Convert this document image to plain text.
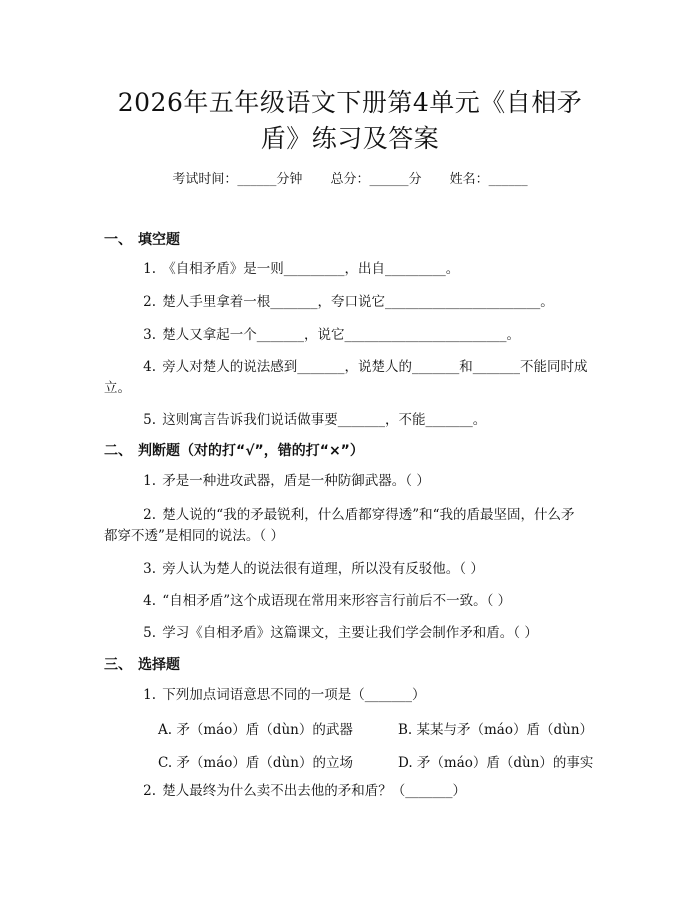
2026年五年级语文下册第4单元《自相矛
盾》练习及答案
考试时间：______分钟 总分：______分 姓名：______
一、 填空题
1. 《自相矛盾》是一则_________，出自_________。
2. 楚人手里拿着一根_______，夸口说它_______________________。
3. 楚人又拿起一个_______，说它________________________。
4. 旁人对楚人的说法感到_______，说楚人的_______和_______不能同时成
立。
5. 这则寓言告诉我们说话做事要_______，不能_______。
二、 判断题（对的打“√”，错的打“×”）
1. 矛是一种进攻武器，盾是一种防御武器。（ ）
2. 楚人说的“我的矛最锐利，什么盾都穿得透”和“我的盾最坚固，什么矛
都穿不透”是相同的说法。（ ）
3. 旁人认为楚人的说法很有道理，所以没有反驳他。（ ）
4. “自相矛盾”这个成语现在常用来形容言行前后不一致。（ ）
5. 学习《自相矛盾》这篇课文，主要让我们学会制作矛和盾。（ ）
三、 选择题
1. 下列加点词语意思不同的一项是（_______）
A. 矛（máo）盾（dùn）的武器	B. 某某与矛（máo）盾（dùn）
C. 矛（máo）盾（dùn）的立场	D. 矛（máo）盾（dùn）的事实
2. 楚人最终为什么卖不出去他的矛和盾？（_______）
